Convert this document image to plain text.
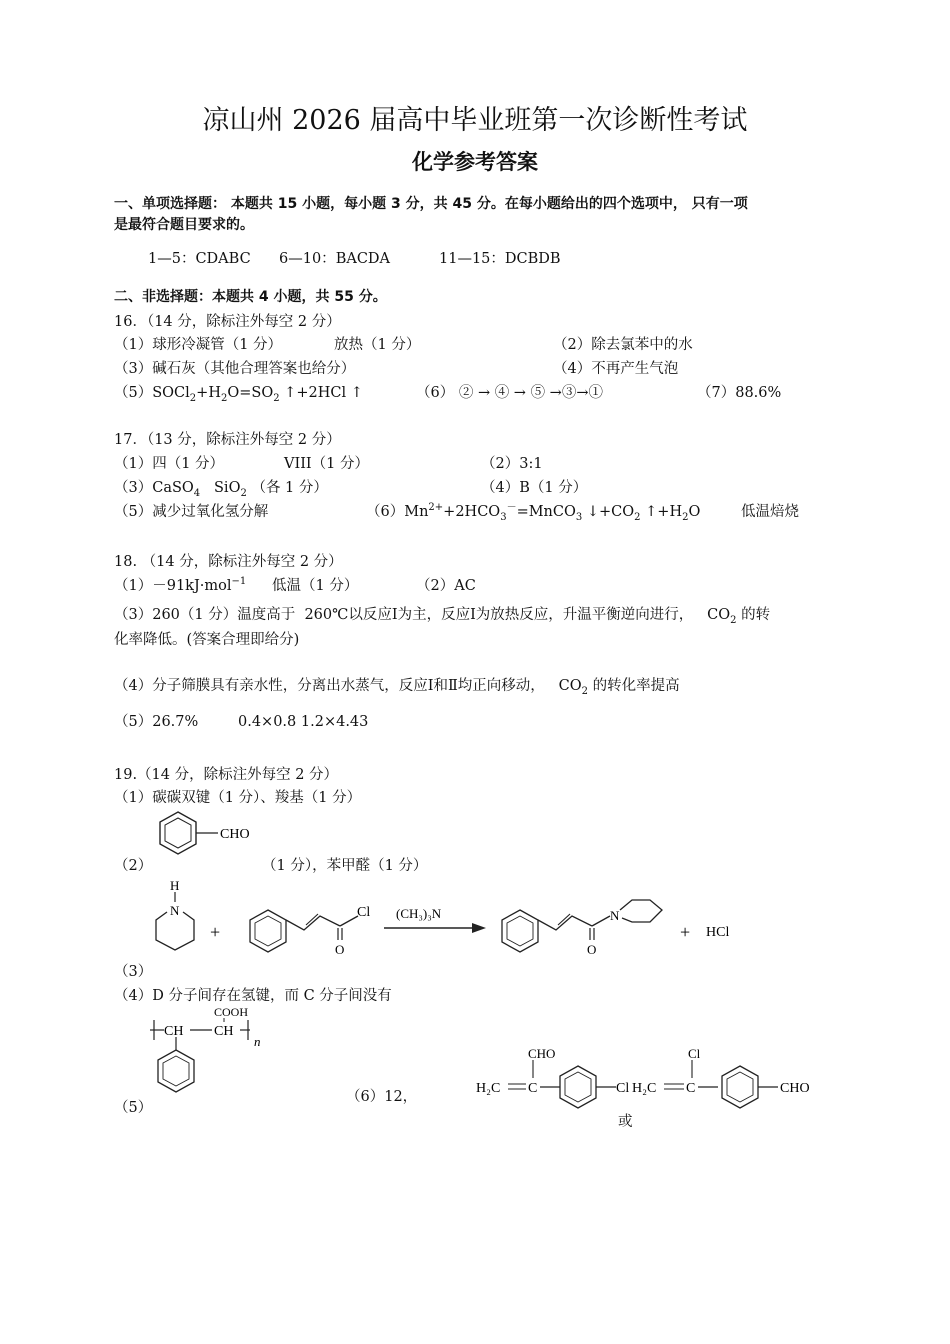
凉山州 2026 届高中毕业班第一次诊断性考试
化学参考答案
一、单项选择题： 本题共 15 小题，每小题 3 分，共 45 分。在每小题给出的四个选项中， 只有一项
是最符合题目要求的。
1—5：CDABC 6—10：BACDA	11—15：DCBDB
二、非选择题：本题共 4 小题，共 55 分。
16．（14 分，除标注外每空 2 分）
（1）球形冷凝管（1 分）	放热（1 分）	（2）除去氯苯中的水
（3）碱石灰（其他合理答案也给分）	（4）不再产生气泡
$(5)SOCl_2+H_2O=SO_2$ ↑+2HCl ↑	（6） ② → ④ → ⑤ →③→①	（7）88.6%
17．（13 分，除标注外每空 2 分）
（1）四（1 分）	VIII（1 分）	（2）3:1
（3）CaSO$_4$   SiO$_2$ （各 1 分）	（4）B（1 分）
（5）减少过氧化氢分解	$(6)Mn^{2+}+2HCO_3^-=MnCO_3$ $↓+CO_2$ $↑+H_2O$	低温焙烧
18. （14 分，除标注外每空 2 分）
（1）－91kJ·mol$^{-1}$ 低温（1 分）	（2）AC
（3）260（1 分）温度高于  260℃以反应Ⅰ为主，反应Ⅰ为放热反应，升温平衡逆向进行，   $CO_2$ 的转
化率降低。(答案合理即给分)
（4）分子筛膜具有亲水性，分离出水蒸气，反应Ⅰ和Ⅱ均正向移动，   $CO_2$ 的转化率提高
（5）26.7%	0.4×0.8 1.2×4.43
19.（14 分，除标注外每空 2 分）
（1）碳碳双键（1 分）、羧基（1 分）
（2）
CHO
（1 分），苯甲醛（1 分）
H
N
+
Cl
O
(CH₃)₃N
O
N
+ HCl
（3）
（4）D 分子间存在氢键，而 C 分子间没有
COOH
CH CH
n
（5）
（6）12，
H₂C C
CHO
Cl H₂C C
Cl
CHO
或
